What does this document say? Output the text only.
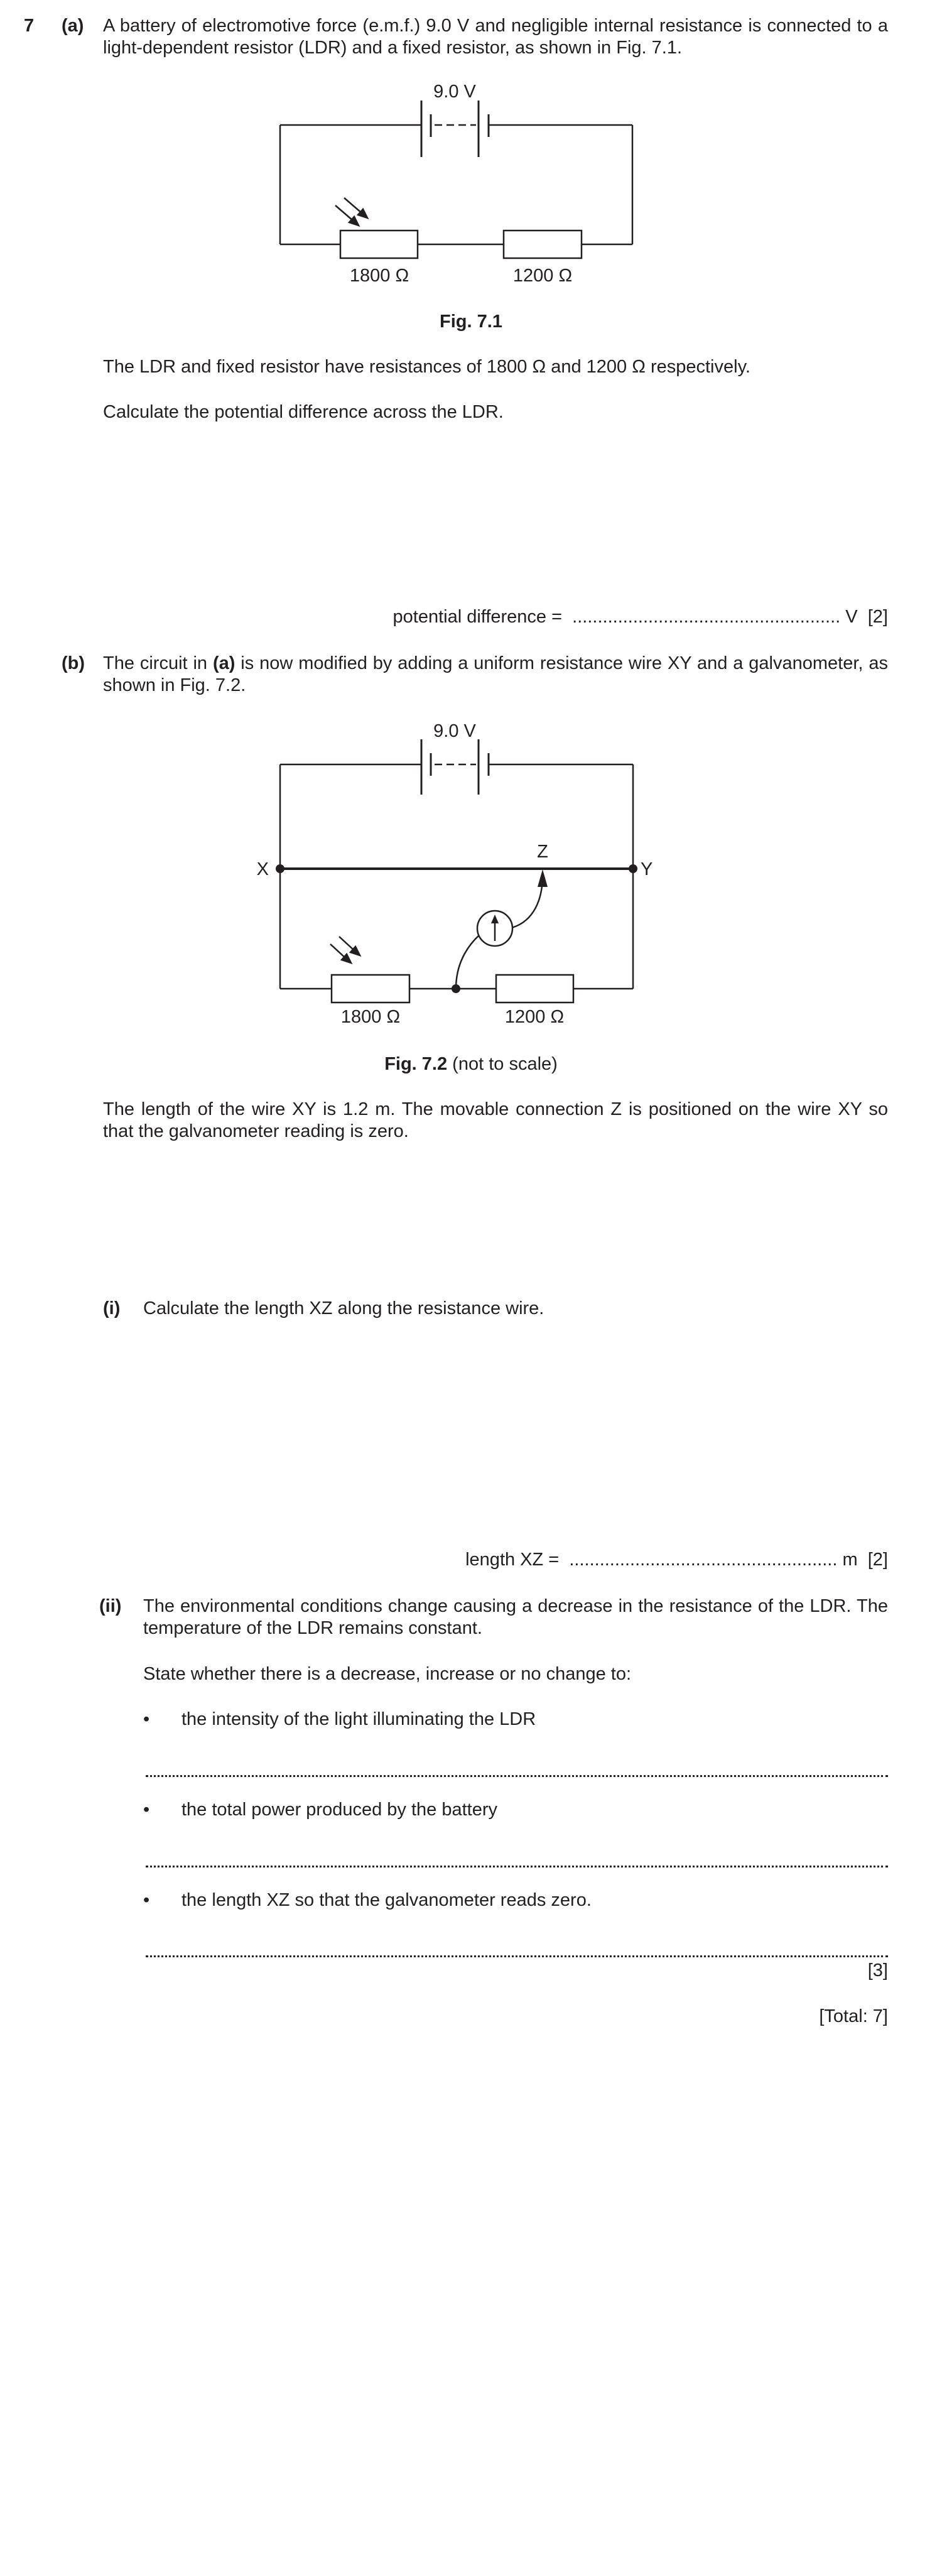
7 (a) A battery of electromotive force (e.m.f.) 9.0 V and negligible internal resistance is connected to a light-dependent resistor (LDR) and a fixed resistor, as shown in Fig. 7.1.

9.0 V
1800 Ω	1200 Ω

Fig. 7.1

The LDR and fixed resistor have resistances of 1800 Ω and 1200 Ω respectively.

Calculate the potential difference across the LDR.

potential difference =  ..................................................... V [2]

(b) The circuit in (a) is now modified by adding a uniform resistance wire XY and a galvanometer, as shown in Fig. 7.2.

9.0 V
X	Y
Z
1800 Ω	1200 Ω

Fig. 7.2 (not to scale)

The length of the wire XY is 1.2 m. The movable connection Z is positioned on the wire XY so that the galvanometer reading is zero.

(i) Calculate the length XZ along the resistance wire.

length XZ =  ..................................................... m [2]

(ii) The environmental conditions change causing a decrease in the resistance of the LDR. The temperature of the LDR remains constant.

State whether there is a decrease, increase or no change to:

• the intensity of the light illuminating the LDR

• the total power produced by the battery

• the length XZ so that the galvanometer reads zero.

[3]

[Total: 7]
